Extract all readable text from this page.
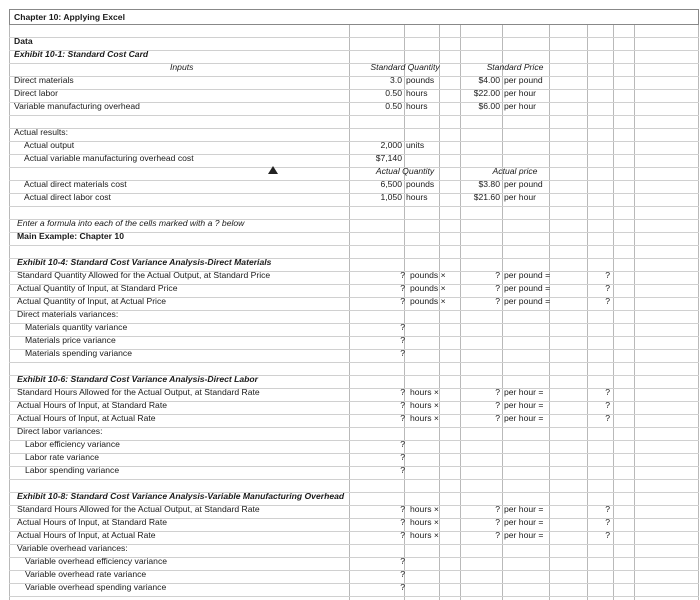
Chapter 10: Applying Excel
Data
Exhibit 10-1: Standard Cost Card
Inputs	Standard Quantity	Standard Price
Direct materials	3.0 pounds	$4.00 per pound
Direct labor	0.50 hours	$22.00 per hour
Variable manufacturing overhead	0.50 hours	$6.00 per hour
Actual results:
Actual output	2,000 units
Actual variable manufacturing overhead cost	$7,140
Actual Quantity	Actual price
Actual direct materials cost	6,500 pounds	$3.80 per pound
Actual direct labor cost	1,050 hours	$21.60 per hour
Enter a formula into each of the cells marked with a ? below
Main Example: Chapter 10
Exhibit 10-4: Standard Cost Variance Analysis-Direct Materials
Standard Quantity Allowed for the Actual Output, at Standard Price	? pounds ×	? per pound =	?
Actual Quantity of Input, at Standard Price	? pounds ×	? per pound =	?
Actual Quantity of Input, at Actual Price	? pounds ×	? per pound =	?
Direct materials variances:
Materials quantity variance	?
Materials price variance	?
Materials spending variance	?
Exhibit 10-6: Standard Cost Variance Analysis-Direct Labor
Standard Hours Allowed for the Actual Output, at Standard Rate	? hours ×	? per hour =	?
Actual Hours of Input, at Standard Rate	? hours ×	? per hour =	?
Actual Hours of Input, at Actual Rate	? hours ×	? per hour =	?
Direct labor variances:
Labor efficiency variance	?
Labor rate variance	?
Labor spending variance	?
Exhibit 10-8: Standard Cost Variance Analysis-Variable Manufacturing Overhead
Standard Hours Allowed for the Actual Output, at Standard Rate	? hours ×	? per hour =	?
Actual Hours of Input, at Standard Rate	? hours ×	? per hour =	?
Actual Hours of Input, at Actual Rate	? hours ×	? per hour =	?
Variable overhead variances:
Variable overhead efficiency variance	?
Variable overhead rate variance	?
Variable overhead spending variance	?
